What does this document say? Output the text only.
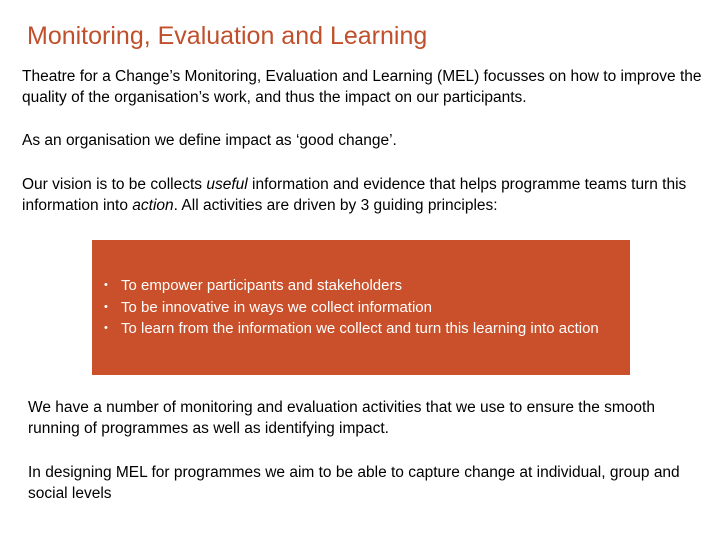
Monitoring, Evaluation and Learning

Theatre for a Change’s Monitoring, Evaluation and Learning (MEL) focusses on how to improve the quality of the organisation’s work, and thus the impact on our participants.

As an organisation we define impact as ‘good change’.

Our vision is to be collects useful information and evidence that helps programme teams turn this information into action. All activities are driven by 3 guiding principles:

• To empower participants and stakeholders
• To be innovative in ways we collect information
• To learn from the information we collect and turn this learning into action

We have a number of monitoring and evaluation activities that we use to ensure the smooth running of programmes as well as identifying impact.

In designing MEL for programmes we aim to be able to capture change at individual, group and social levels
